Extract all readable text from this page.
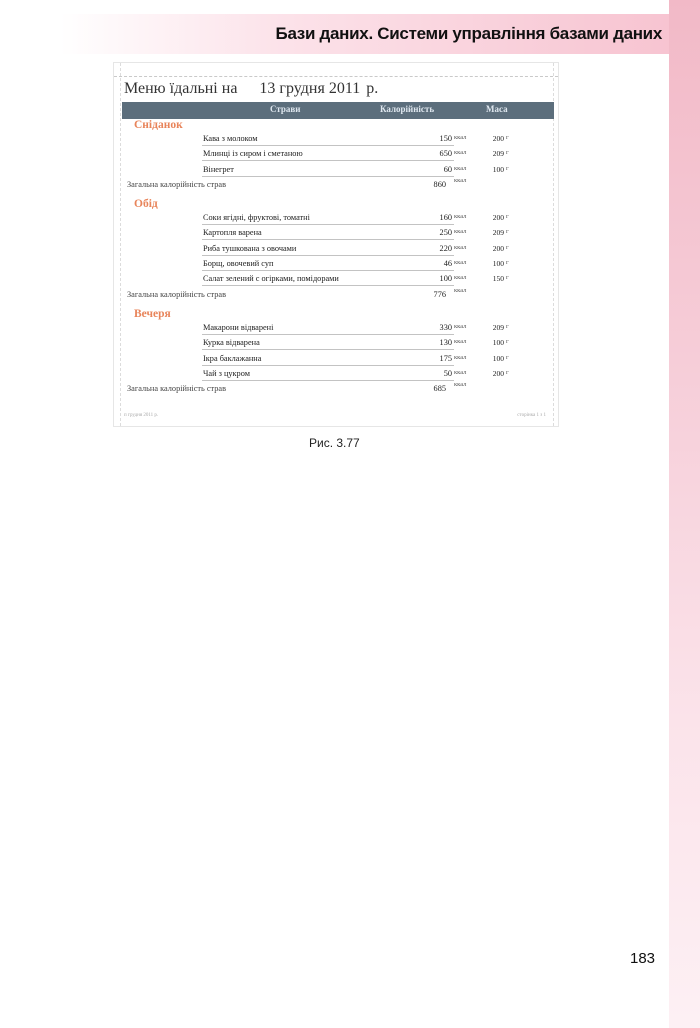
Бази даних. Системи управління базами даних
Меню їдальні на 13 грудня 2011 р.
Страви	Калорійність	Маса
Сніданок
Кава з молоком	150 ккал	200 г
Млинці із сиром і сметаною	650 ккал	209 г
Вінегрет	60 ккал	100 г
Загальна калорійність страв	860 ккал
Обід
Соки ягідні, фруктові, томатні	160 ккал	200 г
Картопля варена	250 ккал	209 г
Риба тушкована з овочами	220 ккал	200 г
Борщ, овочевий суп	46 ккал	100 г
Салат зелений с огірками, помідорами	100 ккал	150 г
Загальна калорійність страв	776 ккал
Вечеря
Макарони відварені	330 ккал	209 г
Курка відварена	130 ккал	100 г
Ікра баклажанна	175 ккал	100 г
Чай з цукром	50 ккал	200 г
Загальна калорійність страв	685 ккал
п грудня 2011 р.	сторінка 1 з 1
Рис. 3.77
183
